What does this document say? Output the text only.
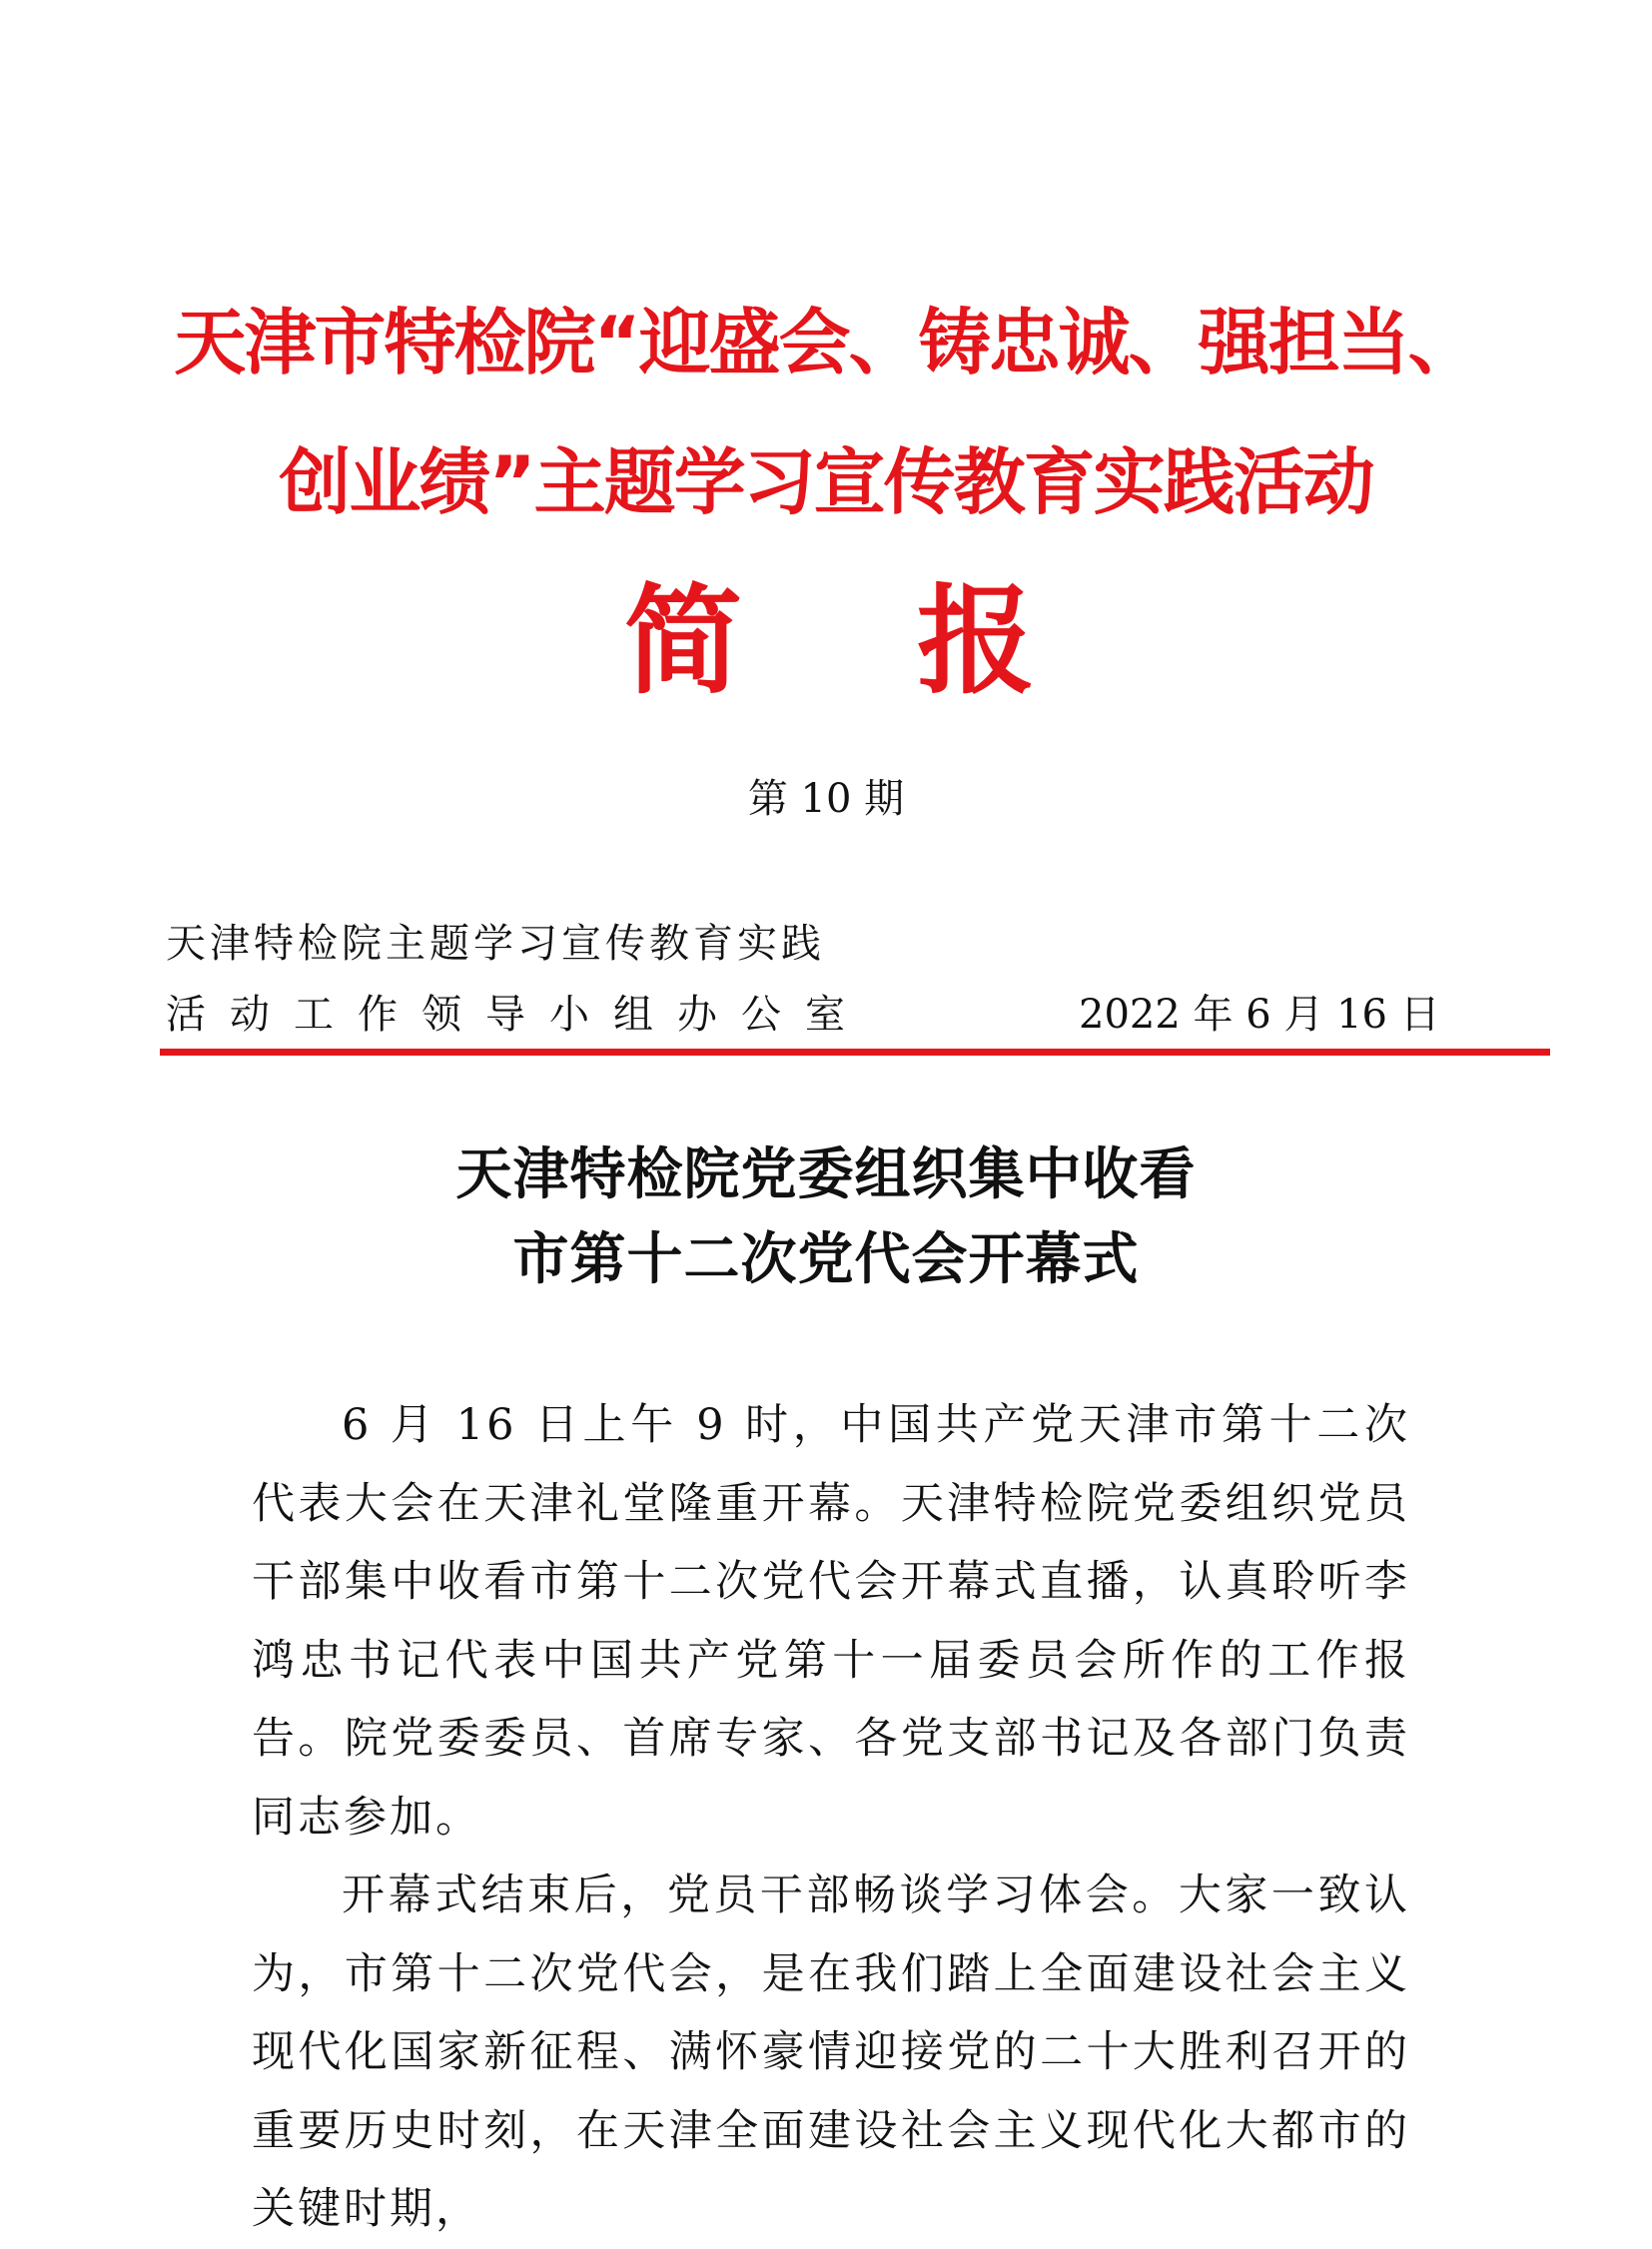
天津市特检院“迎盛会、铸忠诚、强担当、
创业绩”主题学习宣传教育实践活动
简 报
第 10 期
天津特检院主题学习宣传教育实践
活动工作领导小组办公室	2022 年 6 月 16 日
天津特检院党委组织集中收看
市第十二次党代会开幕式

6 月 16 日上午 9 时，中国共产党天津市第十二次代表大会在天津礼堂隆重开幕。天津特检院党委组织党员干部集中收看市第十二次党代会开幕式直播，认真聆听李鸿忠书记代表中国共产党第十一届委员会所作的工作报告。院党委委员、首席专家、各党支部书记及各部门负责同志参加。

开幕式结束后，党员干部畅谈学习体会。大家一致认为，市第十二次党代会，是在我们踏上全面建设社会主义现代化国家新征程、满怀豪情迎接党的二十大胜利召开的重要历史时刻，在天津全面建设社会主义现代化大都市的关键时期，
